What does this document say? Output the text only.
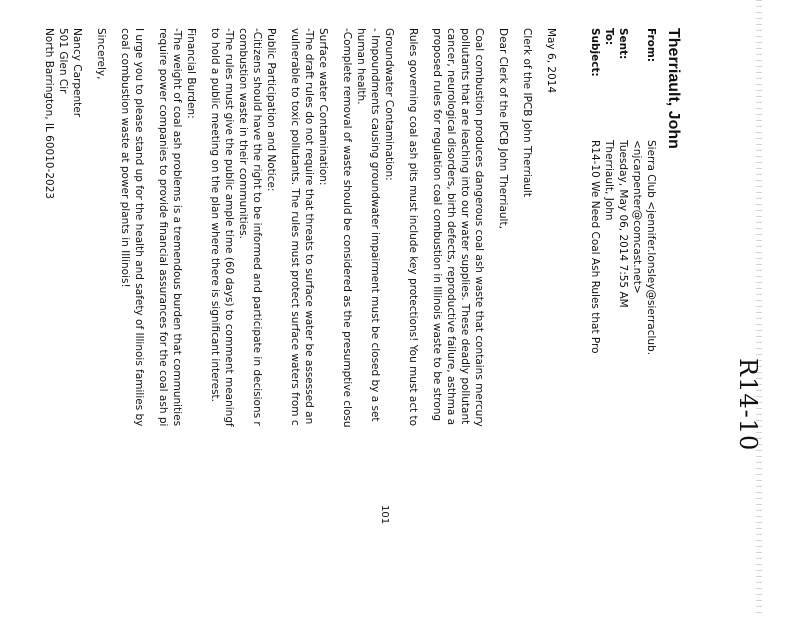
R14-10
Therriault, John
From:
Sierra Club <jennifer.lonsley@sierraclub.
<njcarpenter@comcast.net>
Sent:
Tuesday, May 06, 2014 7:55 AM
To:
Therriault, John
Subject:
R14-10 We Need Coal Ash Rules that Pro

May 6, 2014

Clerk of the IPCB John Therriault

Dear Clerk of the IPCB John Therriault,

Coal combustion produces dangerous coal ash waste that contains mercury
pollutants that are leaching into our water supplies. These deadly pollutant
cancer, neurological disorders, birth defects, reproductive failure, asthma a
proposed rules for regulation coal combustion in Illinois waste to be strong

Rules governing coal ash pits must include key protections! You must act to

Groundwater Contamination:
- Impoundments causing groundwater impairment must be closed by a set
human health.
-Complete removal of waste should be considered as the presumptive closu
Surface water Contamination:
-The draft rules do not require that threats to surface water be assessed an
vulnerable to toxic pollutants. The rules must protect surface waters from c
Public Participation and Notice:
-Citizens should have the right to be informed and participate in decisions r
combustion waste in their communities.
-The rules must give the public ample time (60 days) to comment meaningf
to hold a public meeting on the plan where there is significant interest.
Financial Burden:
-The weight of coal ash problems is a tremendous burden that communities
require power companies to provide financial assurances for the coal ash pi
I urge you to please stand up for the health and safety of Illinois families by
coal combustion waste at power plants in Illinois!

Sincerely,

Nancy Carpenter
501 Glen Cir
North Barrington, IL 60010-2023
101
